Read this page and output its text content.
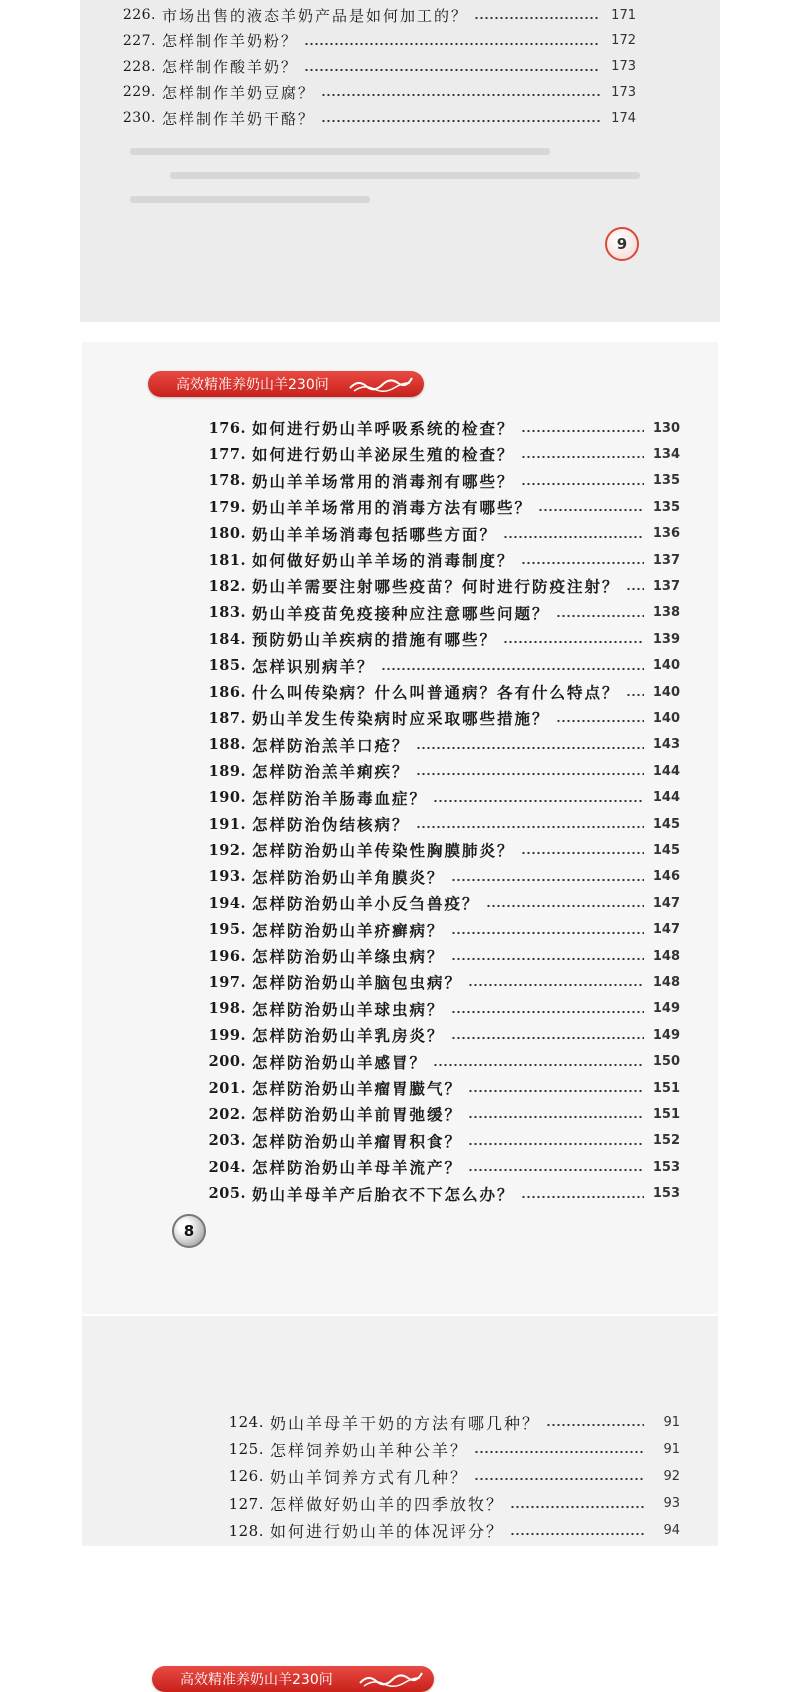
226. 市场出售的液态羊奶产品是如何加工的？	171
227. 怎样制作羊奶粉？	172
228. 怎样制作酸羊奶？	173
229. 怎样制作羊奶豆腐？	173
230. 怎样制作羊奶干酪？	174
9
高效精准养奶山羊230问
176. 如何进行奶山羊呼吸系统的检查？	130
177. 如何进行奶山羊泌尿生殖的检查？	134
178. 奶山羊羊场常用的消毒剂有哪些？	135
179. 奶山羊羊场常用的消毒方法有哪些？	135
180. 奶山羊羊场消毒包括哪些方面？	136
181. 如何做好奶山羊羊场的消毒制度？	137
182. 奶山羊需要注射哪些疫苗？何时进行防疫注射？	137
183. 奶山羊疫苗免疫接种应注意哪些问题？	138
184. 预防奶山羊疾病的措施有哪些？	139
185. 怎样识别病羊？	140
186. 什么叫传染病？什么叫普通病？各有什么特点？	140
187. 奶山羊发生传染病时应采取哪些措施？	140
188. 怎样防治羔羊口疮？	143
189. 怎样防治羔羊痢疾？	144
190. 怎样防治羊肠毒血症？	144
191. 怎样防治伪结核病？	145
192. 怎样防治奶山羊传染性胸膜肺炎？	145
193. 怎样防治奶山羊角膜炎？	146
194. 怎样防治奶山羊小反刍兽疫？	147
195. 怎样防治奶山羊疥癣病？	147
196. 怎样防治奶山羊绦虫病？	148
197. 怎样防治奶山羊脑包虫病？	148
198. 怎样防治奶山羊球虫病？	149
199. 怎样防治奶山羊乳房炎？	149
200. 怎样防治奶山羊感冒？	150
201. 怎样防治奶山羊瘤胃臌气？	151
202. 怎样防治奶山羊前胃弛缓？	151
203. 怎样防治奶山羊瘤胃积食？	152
204. 怎样防治奶山羊母羊流产？	153
205. 奶山羊母羊产后胎衣不下怎么办？	153
8
高效精准养奶山羊230问
124. 奶山羊母羊干奶的方法有哪几种？	91
125. 怎样饲养奶山羊种公羊？	91
126. 奶山羊饲养方式有几种？	92
127. 怎样做好奶山羊的四季放牧？	93
128. 如何进行奶山羊的体况评分？	94
